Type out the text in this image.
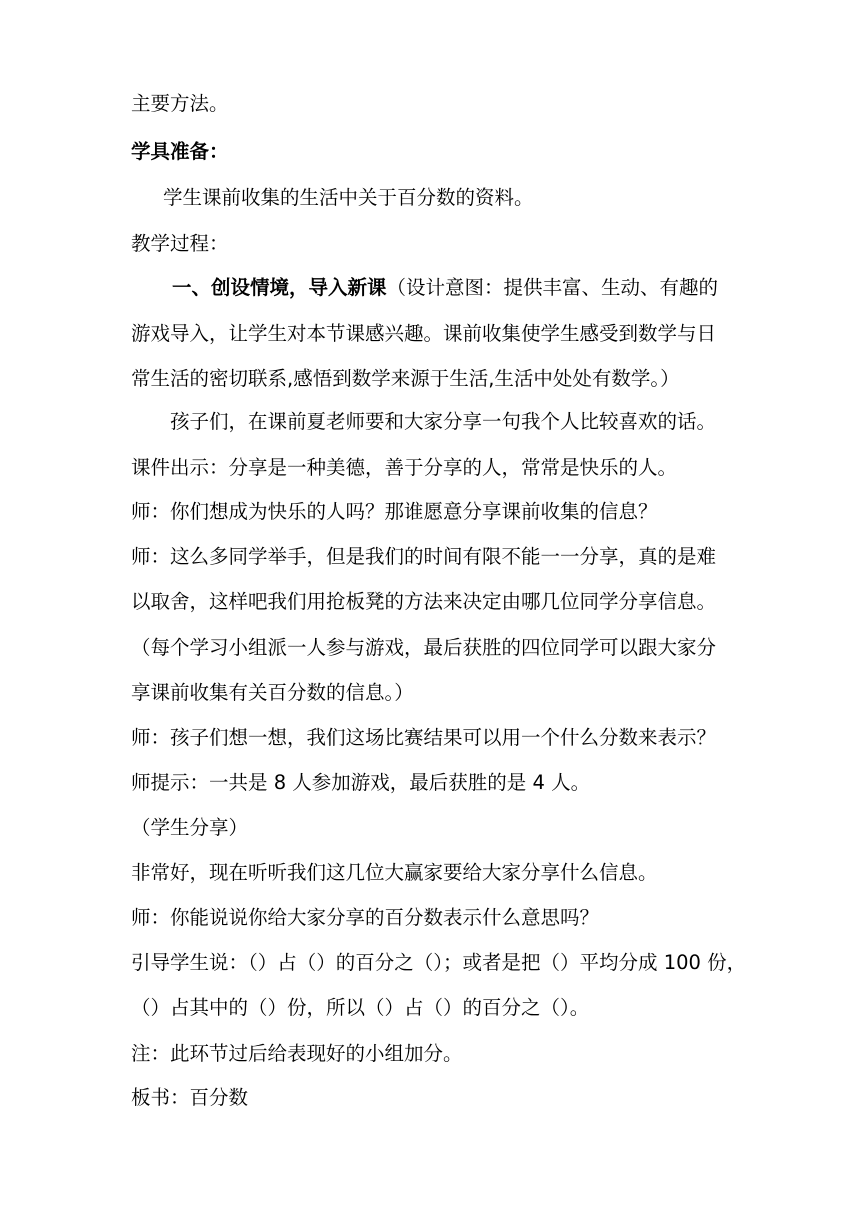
主要方法。
学具准备：
学生课前收集的生活中关于百分数的资料。
教学过程：
一、创设情境，导入新课（设计意图：提供丰富、生动、有趣的
游戏导入，让学生对本节课感兴趣。课前收集使学生感受到数学与日
常生活的密切联系,感悟到数学来源于生活,生活中处处有数学。）
孩子们，在课前夏老师要和大家分享一句我个人比较喜欢的话。
课件出示：分享是一种美德，善于分享的人，常常是快乐的人。
师：你们想成为快乐的人吗？那谁愿意分享课前收集的信息？
师：这么多同学举手，但是我们的时间有限不能一一分享，真的是难
以取舍，这样吧我们用抢板凳的方法来决定由哪几位同学分享信息。
（每个学习小组派一人参与游戏，最后获胜的四位同学可以跟大家分
享课前收集有关百分数的信息。）
师：孩子们想一想，我们这场比赛结果可以用一个什么分数来表示？
师提示：一共是 8 人参加游戏，最后获胜的是 4 人。
（学生分享）
非常好，现在听听我们这几位大赢家要给大家分享什么信息。
师：你能说说你给大家分享的百分数表示什么意思吗？
引导学生说：（）占（）的百分之（）；或者是把（）平均分成 100 份，
（）占其中的（）份，所以（）占（）的百分之（）。
注：此环节过后给表现好的小组加分。
板书：百分数
